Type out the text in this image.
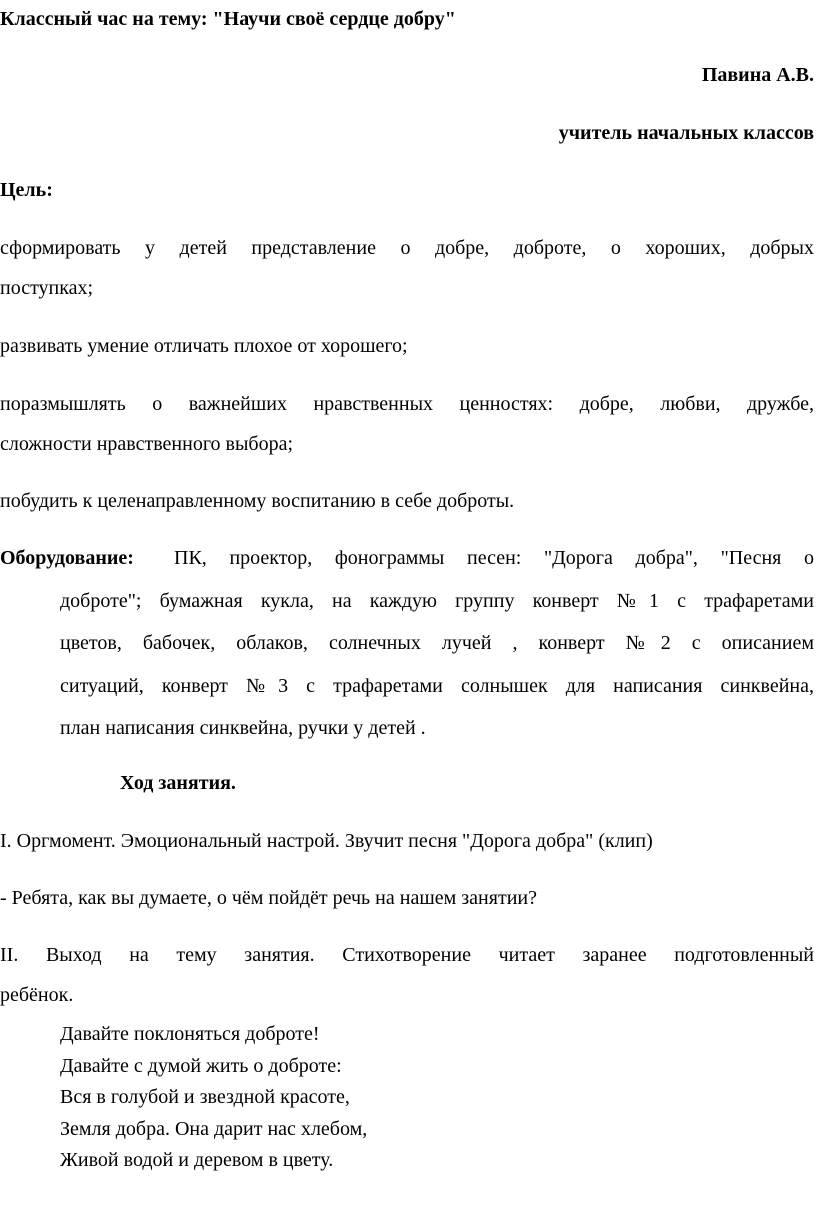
Классный час на тему: "Научи своё сердце добру"
Павина А.В.
учитель начальных классов
Цель:
сформировать у детей представление о добре, доброте, о хороших, добрых
поступках;
развивать умение отличать плохое от хорошего;
поразмышлять о важнейших нравственных ценностях: добре, любви, дружбе,
сложности нравственного выбора;
побудить к целенаправленному воспитанию в себе доброты.
Оборудование: ПК, проектор, фонограммы песен: "Дорога добра", "Песня о
доброте"; бумажная кукла, на каждую группу конверт №1 с трафаретами
цветов, бабочек, облаков, солнечных лучей , конверт №2 с описанием
ситуаций, конверт №3 с трафаретами солнышек для написания синквейна,
план написания синквейна, ручки у детей .
Ход занятия.
I. Оргмомент. Эмоциональный настрой. Звучит песня "Дорога добра" (клип)
- Ребята, как вы думаете, о чём пойдёт речь на нашем занятии?
II. Выход на тему занятия. Стихотворение читает заранее подготовленный
ребёнок.
Давайте поклоняться доброте!
Давайте с думой жить о доброте:
Вся в голубой и звездной красоте,
Земля добра. Она дарит нас хлебом,
Живой водой и деревом в цвету.
